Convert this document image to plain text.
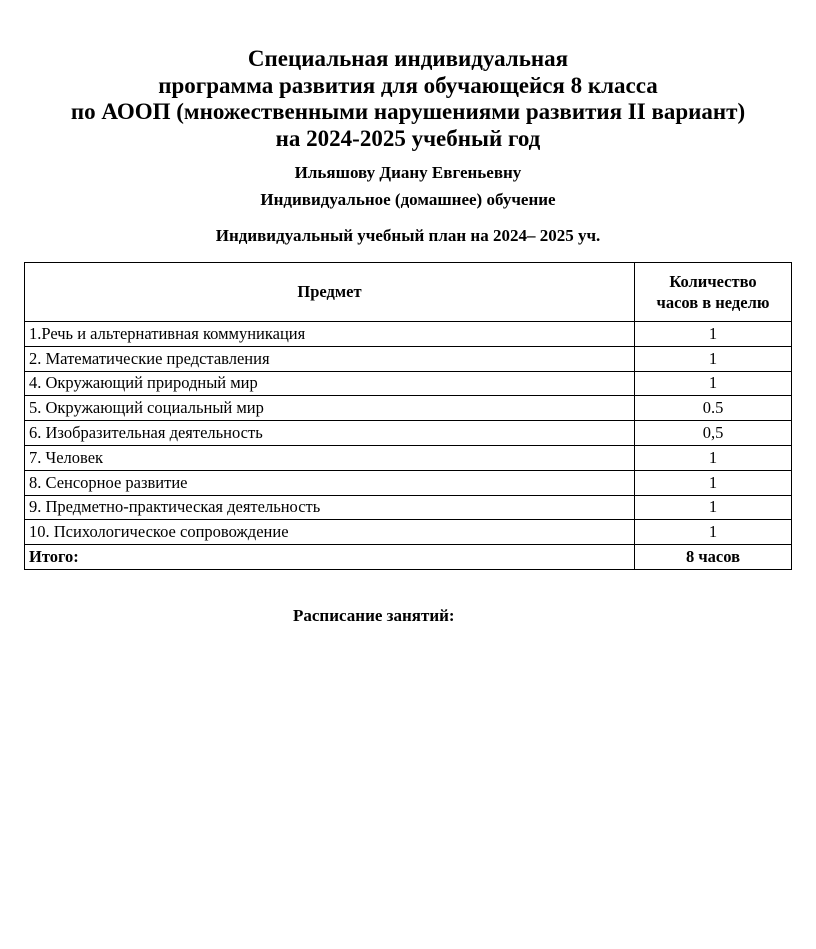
Специальная индивидуальная
программа развития для обучающейся 8 класса
по АООП (множественными нарушениями развития II вариант)
на 2024-2025 учебный год
Ильяшову Диану Евгеньевну
Индивидуальное (домашнее) обучение
Индивидуальный учебный план на 2024– 2025 уч.
Предмет	Количество
часов в неделю

1.Речь и альтернативная коммуникация	1
2. Математические представления	1
4. Окружающий природный мир	1
5. Окружающий социальный мир	0.5
6. Изобразительная деятельность	0,5
7. Человек	1
8. Сенсорное развитие	1
9. Предметно-практическая деятельность	1
10. Психологическое сопровождение	1
Итого:	8 часов
Расписание занятий:
